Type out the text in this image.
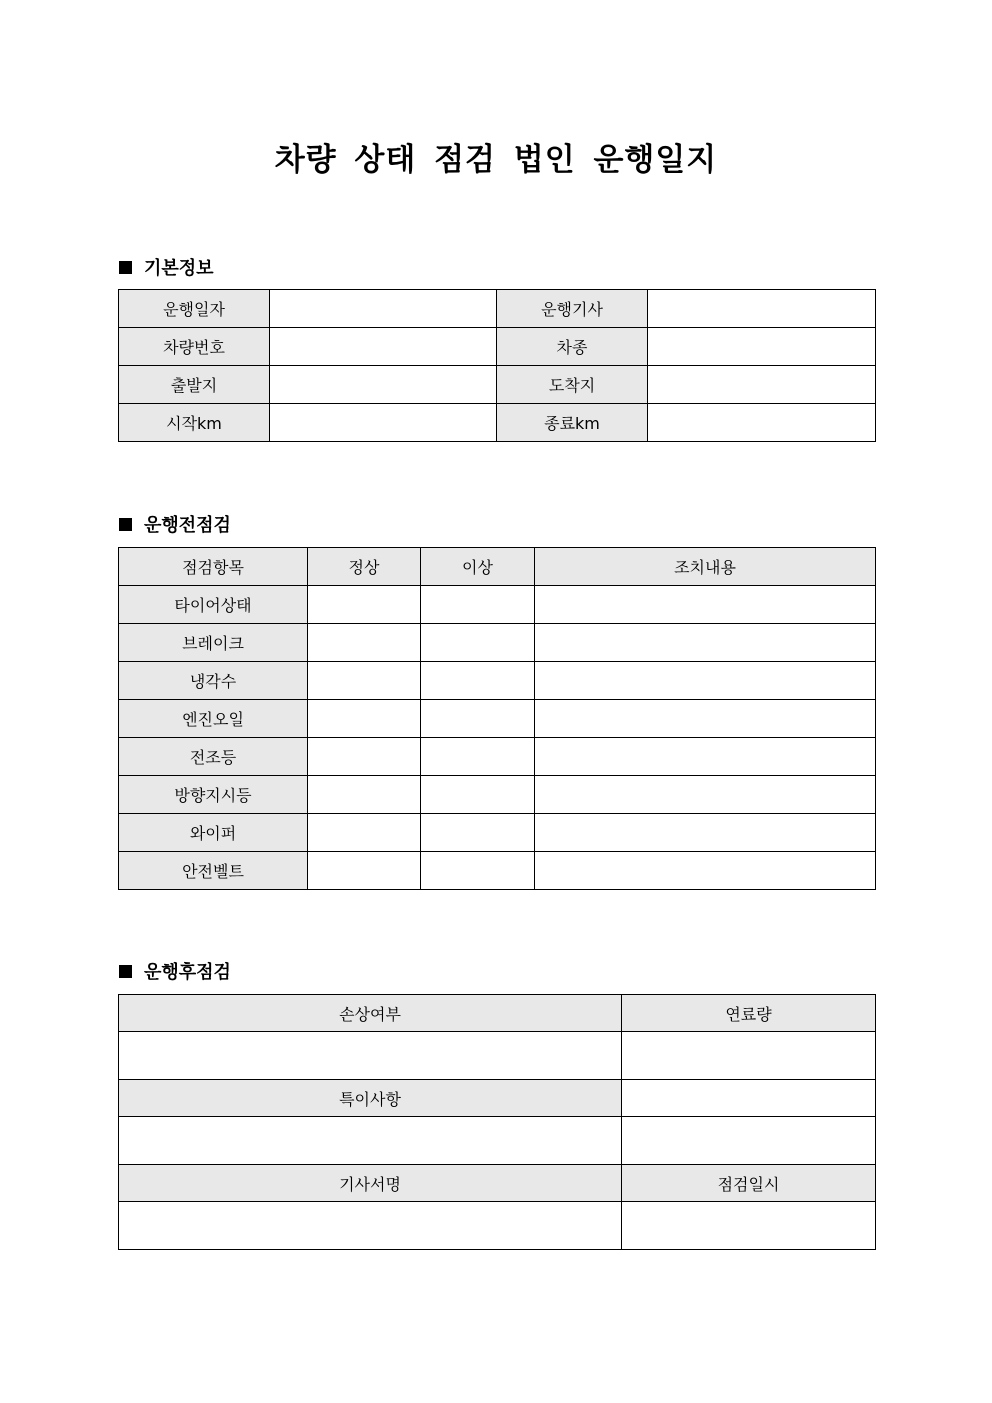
차량 상태 점검 법인 운행일지
기본정보
운행일자		운행기사	
차량번호		차종	
출발지		도착지	
시작km		종료km	
운행전점검
점검항목	정상	이상	조치내용
타이어상태			
브레이크			
냉각수			
엔진오일			
전조등			
방향지시등			
와이퍼			
안전벨트			
운행후점검
손상여부	연료량

특이사항	

기사서명	점검일시
